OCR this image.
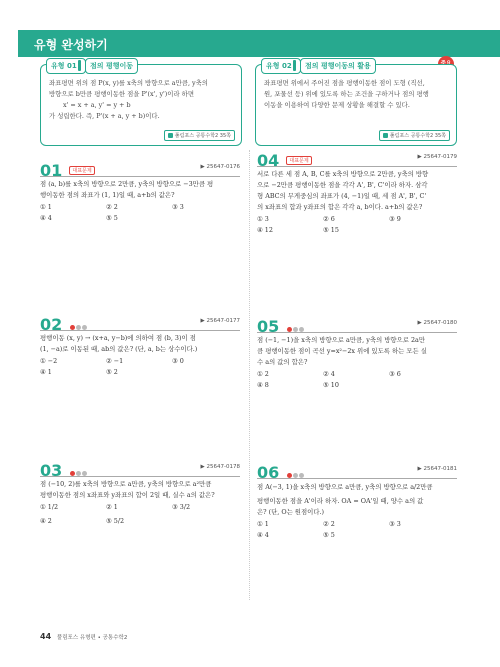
유형 완성하기
유형 01	점의 평행이동
좌표평면 위의 점 P(x, y)를 x축의 방향으로 a만큼, y축의
방향으로 b만큼 평행이동한 점을 P'(x', y')이라 하면
x' = x + a, y' = y + b
가 성립한다. 즉, P'(x + a, y + b)이다.
풀림포스 공통수학2 35쪽
유형 02	점의 평행이동의 활용
좌표평면 위에서 주어진 점을 평행이동한 점이 도형 (직선,
원, 포물선 등) 위에 있도록 하는 조건을 구하거나 점의 평행
이동을 이용하여 다양한 문제 상황을 해결할 수 있다.
풀림포스 공통수학2 35쪽
01 대표문제
▶ 25647-0176
점 (a, b)를 x축의 방향으로 2만큼, y축의 방향으로 −3만큼 평
행이동한 점의 좌표가 (1, 1)일 때, a+b의 값은?
① 1	② 2	③ 3
④ 4	⑤ 5
02	▶ 25647-0177
평행이동 (x, y) → (x+a, y−b)에 의하여 점 (b, 3)이 점
(1, −a)로 이동된 때, ab의 값은? (단, a, b는 상수이다.)
① −2	② −1	③ 0
④ 1	⑤ 2
03	▶ 25647-0178
점 (−10, 2)를 x축의 방향으로 a만큼, y축의 방향으로 a²만큼
평행이동한 점의 x좌표와 y좌표의 합이 2일 때, 실수 a의 값은?
① 1/2	② 1	③ 3/2
④ 2	⑤ 5/2
04 대표문제
▶ 25647-0179
서로 다른 세 점 A, B, C를 x축의 방향으로 2만큼, y축의 방향
으로 −2만큼 평행이동한 점을 각각 A', B', C'이라 하자. 삼각
형 ABC의 무게중심의 좌표가 (4, −1)일 때, 세 점 A', B', C'
의 x좌표의 합과 y좌표의 합은 각각 a, b이다. a+b의 값은?
① 3	② 6	③ 9
④ 12	⑤ 15
05	▶ 25647-0180
점 (−1, −1)을 x축의 방향으로 a만큼, y축의 방향으로 2a만
큼 평행이동한 점이 곡선 y=x²−2x 위에 있도록 하는 모든 실
수 a의 값의 합은?
① 2	② 4	③ 6
④ 8	⑤ 10
06	▶ 25647-0181
점 A(−3, 1)을 x축의 방향으로 a만큼, y축의 방향으로 a/2만큼
평행이동한 점을 A'이라 하자. OA = OA'일 때, 양수 a의 값
은? (단, O는 원점이다.)
① 1	② 2	③ 3
④ 4	⑤ 5
44 풀림포스 유형편 • 공통수학2
